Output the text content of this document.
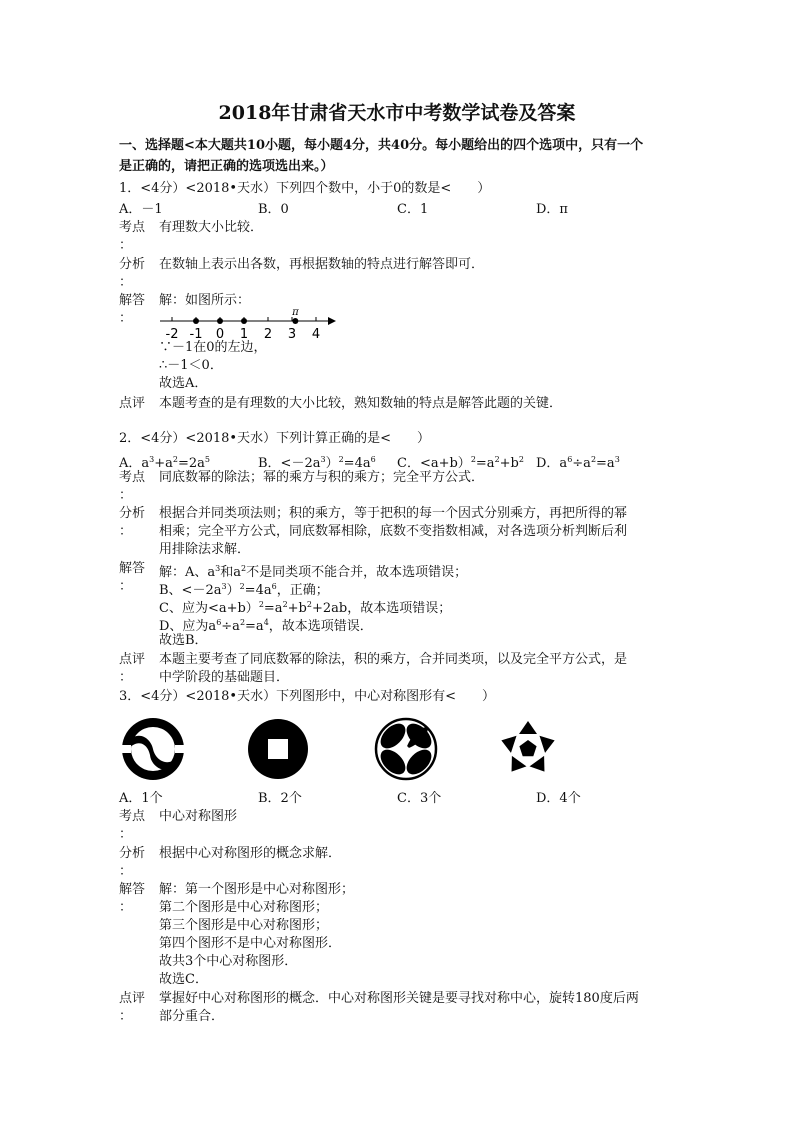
2018年甘肃省天水市中考数学试卷及答案
一、选择题<本大题共10小题，每小题4分，共40分。每小题给出的四个选项中，只有一个
是正确的，请把正确的选项选出来。）
1．<4分）<2018•天水）下列四个数中，小于0的数是<　　）
A．－1	B．0	C．1	D．π
考点
：
有理数大小比较．
分析
：
在数轴上表示出各数，再根据数轴的特点进行解答即可．
解答
：
解：如图所示：
-2 -1 0 1 2 3 4
π
∵－1在0的左边，
∴－1＜0．
故选A．
点评 本题考查的是有理数的大小比较，熟知数轴的特点是解答此题的关键．
2．<4分）<2018•天水）下列计算正确的是<　　）
A．$a^3+a^2=2a^5$	B．$<-2a^3)^2=4a^6$ C．$<a+b)^2=a^2+b^2$ D．$a^6\div a^2=a^3$
考点
：
同底数幂的除法；幂的乘方与积的乘方；完全平方公式．
分析
：
根据合并同类项法则；积的乘方，等于把积的每一个因式分别乘方，再把所得的幂
相乘；完全平方公式，同底数幂相除，底数不变指数相减，对各选项分析判断后利
用排除法求解．
解答
：
解：A、$a^3$和$a^2$不是同类项不能合并，故本选项错误；
B、$<-2a^3)^2=4a^6$，正确；
C、应为$<a+b)^2=a^2+b^2+2ab$，故本选项错误；
D、应为$a^6\div a^2=a^4$，故本选项错误．
故选B．
点评
：
本题主要考查了同底数幂的除法，积的乘方，合并同类项，以及完全平方公式，是
中学阶段的基础题目．
3．<4分）<2018•天水）下列图形中，中心对称图形有<　　）
A．1个	B．2个	C．3个	D．4个
考点
：
中心对称图形
分析
：
根据中心对称图形的概念求解．
解答
：
解：第一个图形是中心对称图形；
第二个图形是中心对称图形；
第三个图形是中心对称图形；
第四个图形不是中心对称图形．
故共3个中心对称图形．
故选C．
点评
：
掌握好中心对称图形的概念．中心对称图形关键是要寻找对称中心，旋转180度后两
部分重合．
